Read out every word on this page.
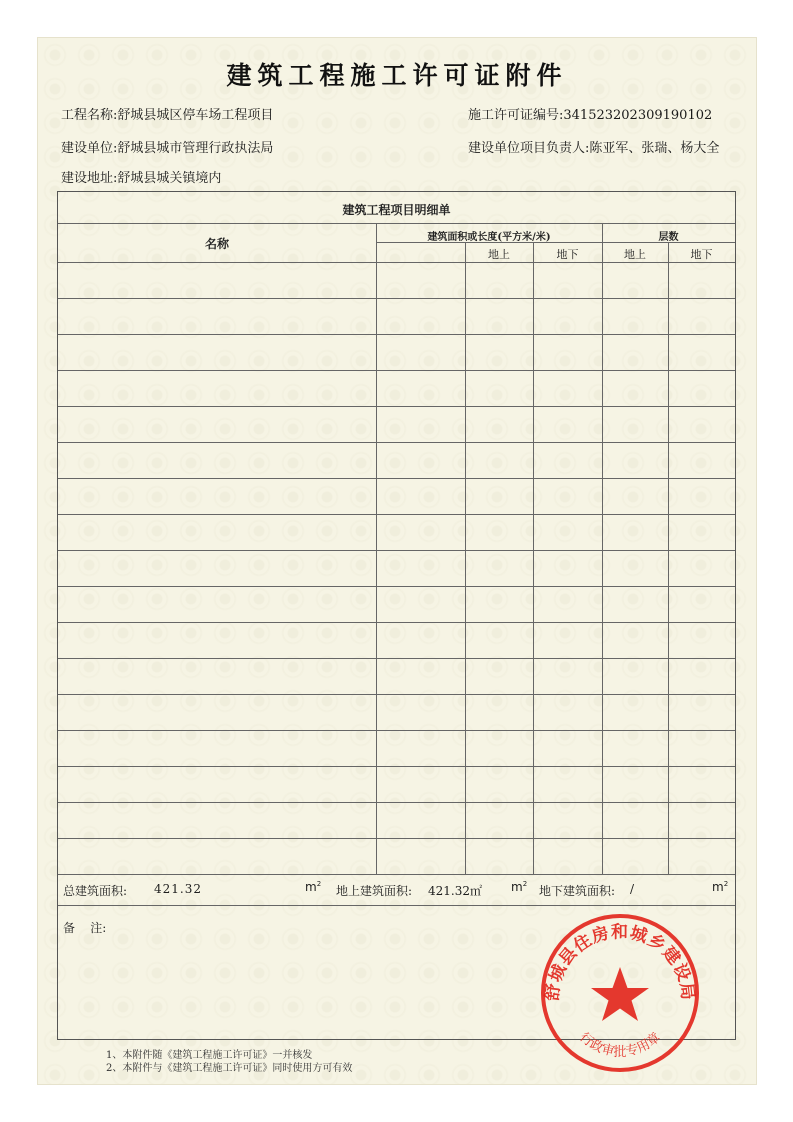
建筑工程施工许可证附件
工程名称:舒城县城区停车场工程项目	施工许可证编号:341523202309190102
建设单位:舒城县城市管理行政执法局	建设单位项目负责人:陈亚军、张瑞、杨大全
建设地址:舒城县城关镇境内
建筑工程项目明细单
名称	建筑面积或长度(平方米/米)	层数
地上	地下	地上	地下
总建筑面积: 421.32	$m^2$ 地上建筑面积: 421.32㎡ $m^2$ 地下建筑面积: /	$m^2$
备    注:
1、本附件随《建筑工程施工许可证》一并核发
2、本附件与《建筑工程施工许可证》同时使用方可有效
舒城县住房和城乡建设局
行政审批专用章
